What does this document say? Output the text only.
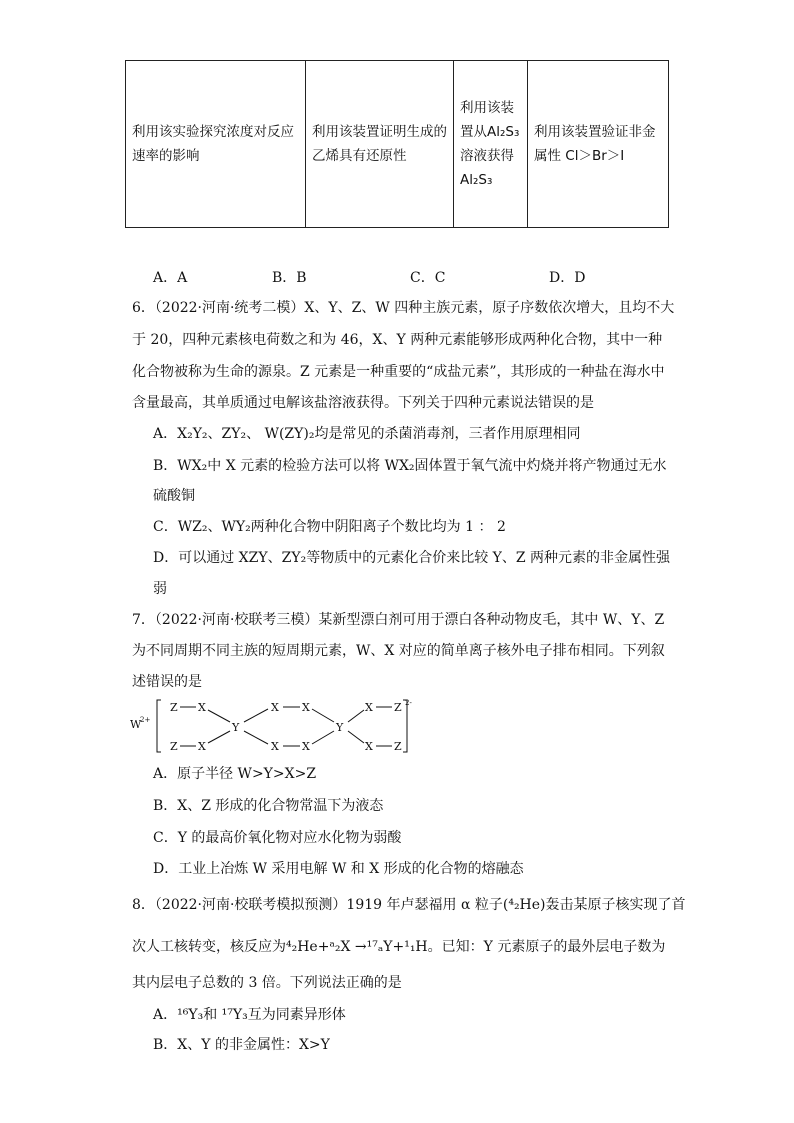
利用该实验探究浓度对反应速率的影响	利用该装置证明生成的乙烯具有还原性	利用该装置从Al₂S₃溶液获得Al₂S₃	利用该装置验证非金属性 Cl＞Br＞I
A．A	B．B	C．C	D．D
6．（2022·河南·统考二模）X、Y、Z、W 四种主族元素，原子序数依次增大，且均不大
于 20，四种元素核电荷数之和为 46，X、Y 两种元素能够形成两种化合物，其中一种
化合物被称为生命的源泉。Z 元素是一种重要的“成盐元素”，其形成的一种盐在海水中
含量最高，其单质通过电解该盐溶液获得。下列关于四种元素说法错误的是
A．X₂Y₂、ZY₂、 W(ZY)₂均是常见的杀菌消毒剂，三者作用原理相同
B．WX₂中 X 元素的检验方法可以将 WX₂固体置于氧气流中灼烧并将产物通过无水
硫酸铜
C．WZ₂、WY₂两种化合物中阴阳离子个数比均为 1 ： 2
D．可以通过 XZY、ZY₂等物质中的元素化合价来比较 Y、Z 两种元素的非金属性强
弱
7．（2022·河南·校联考三模）某新型漂白剂可用于漂白各种动物皮毛，其中 W、Y、Z
为不同周期不同主族的短周期元素，W、X 对应的简单离子核外电子排布相同。下列叙
述错误的是
W
2+
Z X
Z X
Y
X X
X X
Y
X Z
X Z
2-
A．原子半径 W>Y>X>Z
B．X、Z 形成的化合物常温下为液态
C．Y 的最高价氧化物对应水化物为弱酸
D．工业上冶炼 W 采用电解 W 和 X 形成的化合物的熔融态
8．（2022·河南·校联考模拟预测）1919 年卢瑟福用 α 粒子(⁴₂He)轰击某原子核实现了首
次人工核转变，核反应为⁴₂He+ᵃ₂X →¹⁷ₐY+¹₁H。已知：Y 元素原子的最外层电子数为
其内层电子总数的 3 倍。下列说法正确的是
A．¹⁶Y₃和 ¹⁷Y₃互为同素异形体
B．X、Y 的非金属性：X>Y
